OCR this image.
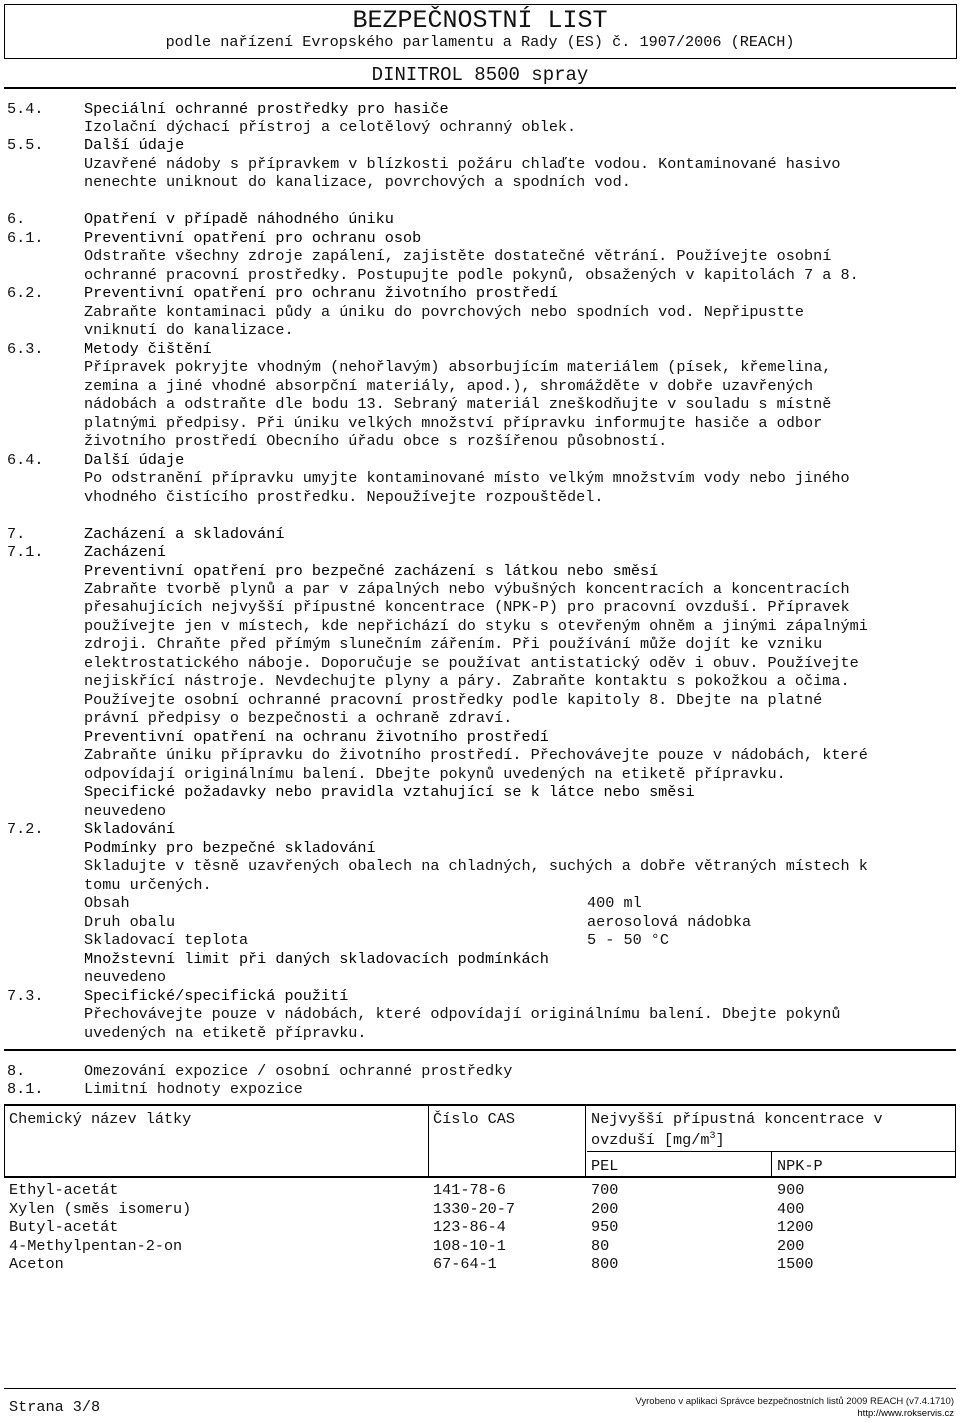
BEZPEČNOSTNÍ LIST
podle nařízení Evropského parlamentu a Rady (ES) č. 1907/2006 (REACH)
DINITROL 8500 spray
5.4.	Speciální ochranné prostředky pro hasiče
Izolační dýchací přístroj a celotělový ochranný oblek.
5.5.	Další údaje
Uzavřené nádoby s přípravkem v blízkosti požáru chlaďte vodou. Kontaminované hasivo
nenechte uniknout do kanalizace, povrchových a spodních vod.
6.	Opatření v případě náhodného úniku
6.1.	Preventivní opatření pro ochranu osob
Odstraňte všechny zdroje zapálení, zajistěte dostatečné větrání. Používejte osobní
ochranné pracovní prostředky. Postupujte podle pokynů, obsažených v kapitolách 7 a 8.
6.2.	Preventivní opatření pro ochranu životního prostředí
Zabraňte kontaminaci půdy a úniku do povrchových nebo spodních vod. Nepřipustte
vniknutí do kanalizace.
6.3.	Metody čištění
Přípravek pokryjte vhodným (nehořlavým) absorbujícím materiálem (písek, křemelina,
zemina a jiné vhodné absorpční materiály, apod.), shromážděte v dobře uzavřených
nádobách a odstraňte dle bodu 13. Sebraný materiál zneškodňujte v souladu s místně
platnými předpisy. Při úniku velkých množství přípravku informujte hasiče a odbor
životního prostředí Obecního úřadu obce s rozšířenou působností.
6.4.	Další údaje
Po odstranění přípravku umyjte kontaminované místo velkým množstvím vody nebo jiného
vhodného čistícího prostředku. Nepoužívejte rozpouštědel.
7.	Zacházení a skladování
7.1.	Zacházení
Preventivní opatření pro bezpečné zacházení s látkou nebo směsí
Zabraňte tvorbě plynů a par v zápalných nebo výbušných koncentracích a koncentracích
přesahujících nejvyšší přípustné koncentrace (NPK-P) pro pracovní ovzduší. Přípravek
používejte jen v místech, kde nepřichází do styku s otevřeným ohněm a jinými zápalnými
zdroji. Chraňte před přímým slunečním zářením. Při používání může dojít ke vzniku
elektrostatického náboje. Doporučuje se používat antistatický oděv i obuv. Používejte
nejiskřící nástroje. Nevdechujte plyny a páry. Zabraňte kontaktu s pokožkou a očima.
Používejte osobní ochranné pracovní prostředky podle kapitoly 8. Dbejte na platné
právní předpisy o bezpečnosti a ochraně zdraví.
Preventivní opatření na ochranu životního prostředí
Zabraňte úniku přípravku do životního prostředí. Přechovávejte pouze v nádobách, které
odpovídají originálnímu balení. Dbejte pokynů uvedených na etiketě přípravku.
Specifické požadavky nebo pravidla vztahující se k látce nebo směsi
neuvedeno
7.2.	Skladování
Podmínky pro bezpečné skladování
Skladujte v těsně uzavřených obalech na chladných, suchých a dobře větraných místech k
tomu určených.
Obsah	400 ml
Druh obalu	aerosolová nádobka
Skladovací teplota	5 - 50 °C
Množstevní limit při daných skladovacích podmínkách
neuvedeno
7.3.	Specifické/specifická použití
Přechovávejte pouze v nádobách, které odpovídají originálnímu balení. Dbejte pokynů
uvedených na etiketě přípravku.
8.	Omezování expozice / osobní ochranné prostředky
8.1.	Limitní hodnoty expozice
Chemický název látky	Číslo CAS	Nejvyšší přípustná koncentrace v
ovzduší $[mg/m^3]$
PEL	NPK-P
Ethyl-acetát	141-78-6	700	900
Xylen (směs isomeru)	1330-20-7	200	400
Butyl-acetát	123-86-4	950	1200
4-Methylpentan-2-on	108-10-1	80	200
Aceton	67-64-1	800	1500
Strana 3/8	Vyrobeno v aplikaci Správce bezpečnostních listů 2009 REACH (v7.4.1710)
http://www.rokservis.cz
